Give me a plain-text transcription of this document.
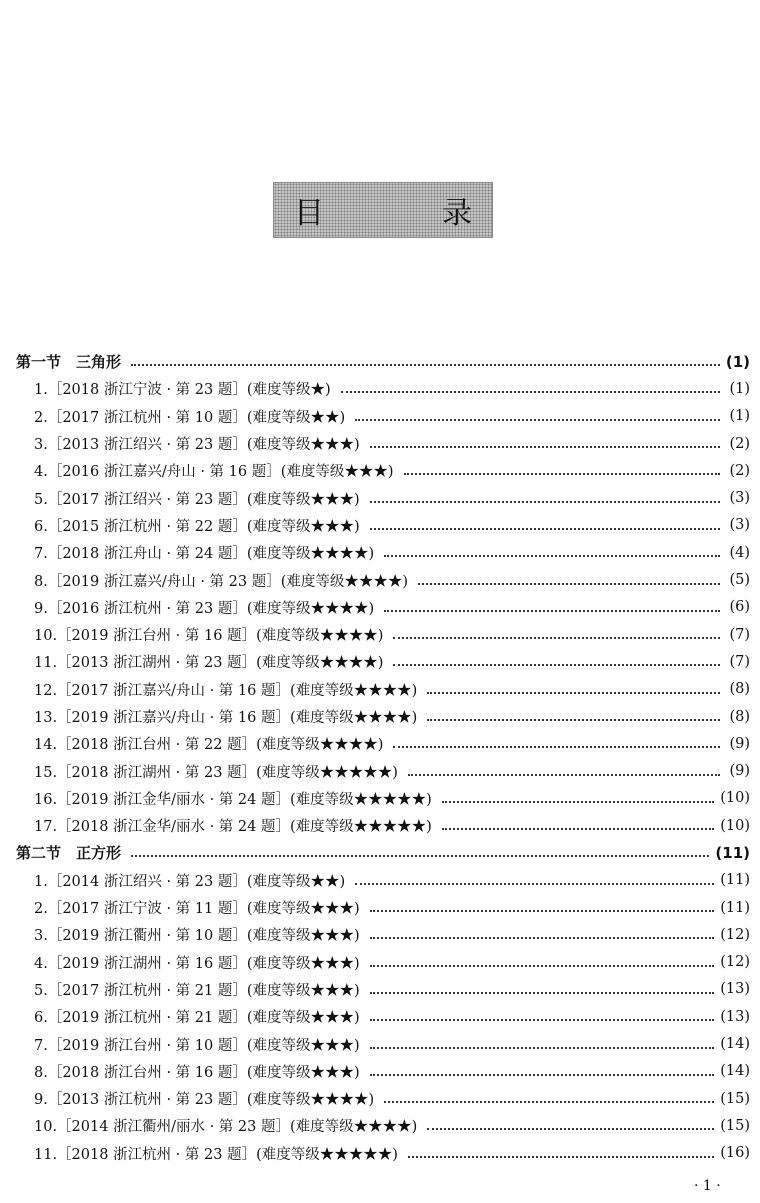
目　录
第一节　三角形	(1)
1.［2018 浙江宁波 · 第 23 题］(难度等级★)	(1)
2.［2017 浙江杭州 · 第 10 题］(难度等级★★)	(1)
3.［2013 浙江绍兴 · 第 23 题］(难度等级★★★)	(2)
4.［2016 浙江嘉兴/舟山 · 第 16 题］(难度等级★★★)	(2)
5.［2017 浙江绍兴 · 第 23 题］(难度等级★★★)	(3)
6.［2015 浙江杭州 · 第 22 题］(难度等级★★★)	(3)
7.［2018 浙江舟山 · 第 24 题］(难度等级★★★★)	(4)
8.［2019 浙江嘉兴/舟山 · 第 23 题］(难度等级★★★★)	(5)
9.［2016 浙江杭州 · 第 23 题］(难度等级★★★★)	(6)
10.［2019 浙江台州 · 第 16 题］(难度等级★★★★)	(7)
11.［2013 浙江湖州 · 第 23 题］(难度等级★★★★)	(7)
12.［2017 浙江嘉兴/舟山 · 第 16 题］(难度等级★★★★)	(8)
13.［2019 浙江嘉兴/舟山 · 第 16 题］(难度等级★★★★)	(8)
14.［2018 浙江台州 · 第 22 题］(难度等级★★★★)	(9)
15.［2018 浙江湖州 · 第 23 题］(难度等级★★★★★)	(9)
16.［2019 浙江金华/丽水 · 第 24 题］(难度等级★★★★★)	(10)
17.［2018 浙江金华/丽水 · 第 24 题］(难度等级★★★★★)	(10)
第二节　正方形	(11)
1.［2014 浙江绍兴 · 第 23 题］(难度等级★★)	(11)
2.［2017 浙江宁波 · 第 11 题］(难度等级★★★)	(11)
3.［2019 浙江衢州 · 第 10 题］(难度等级★★★)	(12)
4.［2019 浙江湖州 · 第 16 题］(难度等级★★★)	(12)
5.［2017 浙江杭州 · 第 21 题］(难度等级★★★)	(13)
6.［2019 浙江杭州 · 第 21 题］(难度等级★★★)	(13)
7.［2019 浙江台州 · 第 10 题］(难度等级★★★)	(14)
8.［2018 浙江台州 · 第 16 题］(难度等级★★★)	(14)
9.［2013 浙江杭州 · 第 23 题］(难度等级★★★★)	(15)
10.［2014 浙江衢州/丽水 · 第 23 题］(难度等级★★★★)	(15)
11.［2018 浙江杭州 · 第 23 题］(难度等级★★★★★)	(16)
· 1 ·
